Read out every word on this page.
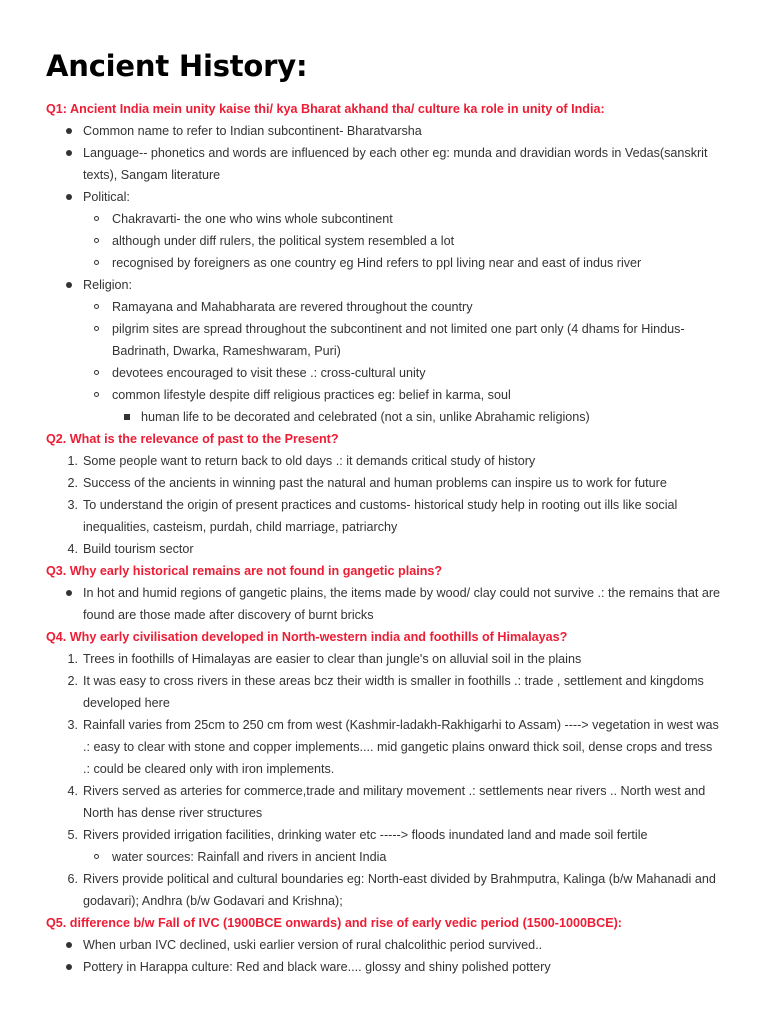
Ancient History:

Q1: Ancient India mein unity kaise thi/ kya Bharat akhand tha/ culture ka role in unity of India:

Common name to refer to Indian subcontinent- Bharatvarsha
Language-- phonetics and words are influenced by each other eg: munda and dravidian words in Vedas(sanskrit texts), Sangam literature
Political:
Chakravarti- the one who wins whole subcontinent
although under diff rulers, the political system resembled a lot
recognised by foreigners as one country eg Hind refers to ppl living near and east of indus river
Religion:
Ramayana and Mahabharata are revered throughout the country
pilgrim sites are spread throughout the subcontinent and not limited one part only (4 dhams for Hindus- Badrinath, Dwarka, Rameshwaram, Puri)
devotees encouraged to visit these .: cross-cultural unity
common lifestyle despite diff religious practices eg: belief in karma, soul
human life to be decorated and celebrated (not a sin, unlike Abrahamic religions)

Q2. What is the relevance of past to the Present?

1. Some people want to return back to old days .: it demands critical study of history
2. Success of the ancients in winning past the natural and human problems can inspire us to work for future
3. To understand the origin of present practices and customs- historical study help in rooting out ills like social inequalities, casteism, purdah, child marriage, patriarchy
4. Build tourism sector

Q3. Why early historical remains are not found in gangetic plains?

In hot and humid regions of gangetic plains, the items made by wood/ clay could not survive .: the remains that are found are those made after discovery of burnt bricks

Q4. Why early civilisation developed in North-western india and foothills of Himalayas?

1. Trees in foothills of Himalayas are easier to clear than jungle's on alluvial soil in the plains
2. It was easy to cross rivers in these areas bcz their width is smaller in foothills .: trade , settlement and kingdoms developed here
3. Rainfall varies from 25cm to 250 cm from west (Kashmir-ladakh-Rakhigarhi to Assam) ----> vegetation in west was .: easy to clear with stone and copper implements.... mid gangetic plains onward thick soil, dense crops and tress .: could be cleared only with iron implements.
4. Rivers served as arteries for commerce,trade and military movement .: settlements near rivers .. North west and North has dense river structures
5. Rivers provided irrigation facilities, drinking water etc -----> floods inundated land and made soil fertile
water sources: Rainfall and rivers in ancient India
6. Rivers provide political and cultural boundaries eg: North-east divided by Brahmputra, Kalinga (b/w Mahanadi and godavari); Andhra (b/w Godavari and Krishna);

Q5. difference b/w Fall of IVC (1900BCE onwards) and rise of early vedic period (1500-1000BCE):

When urban IVC declined, uski earlier version of rural chalcolithic period survived..
Pottery in Harappa culture: Red and black ware.... glossy and shiny polished pottery
